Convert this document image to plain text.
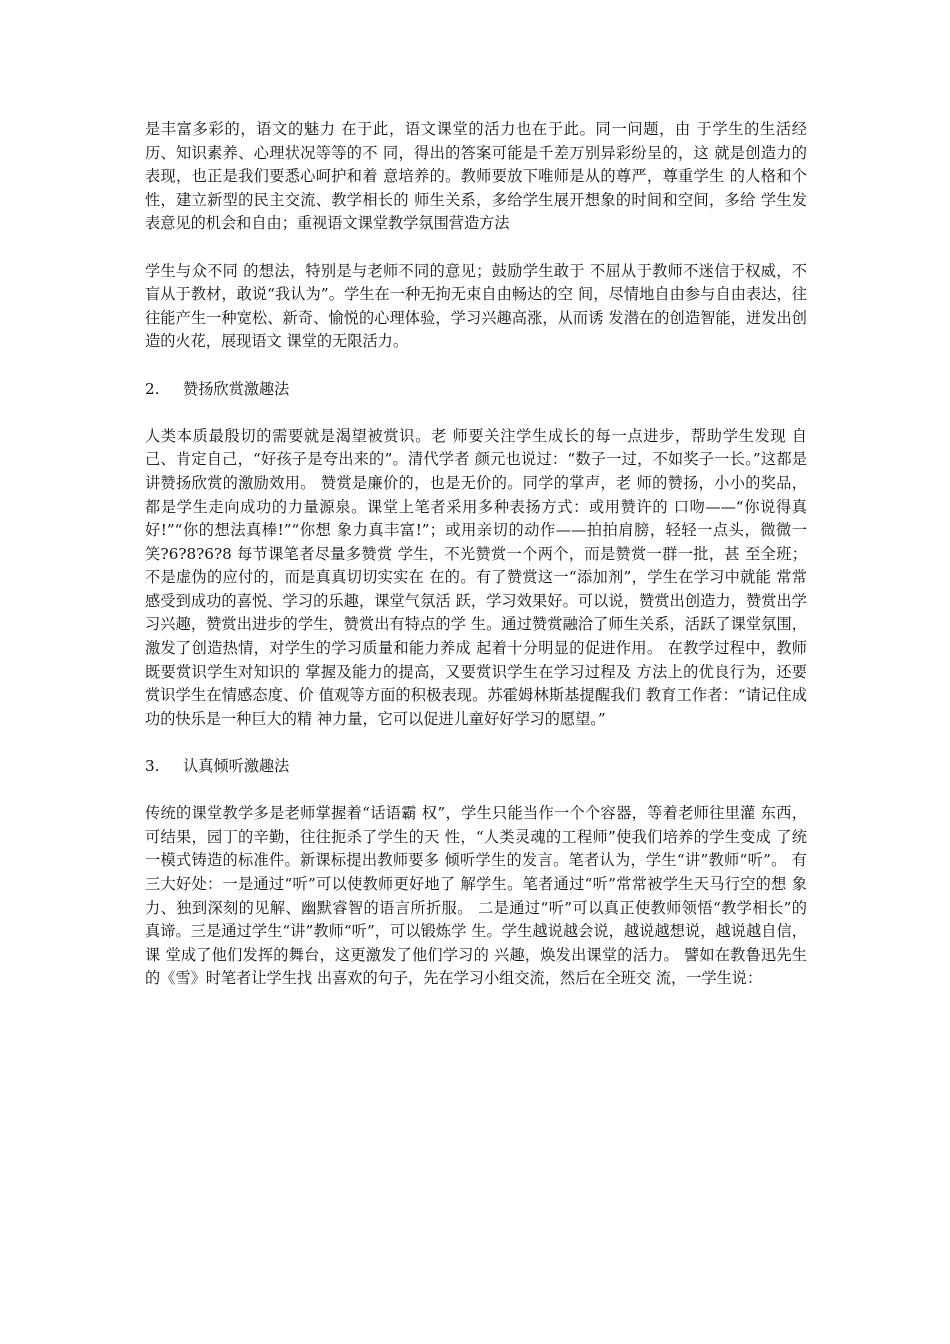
是丰富多彩的，语文的魅力 在于此，语文课堂的活力也在于此。同一问题，由 于学生的生活经历、知识素养、心理状况等等的不 同，得出的答案可能是千差万别异彩纷呈的，这 就是创造力的表现，也正是我们要悉心呵护和着 意培养的。教师要放下唯师是从的尊严，尊重学生 的人格和个性，建立新型的民主交流、教学相长的 师生关系，多给学生展开想象的时间和空间，多给 学生发表意见的机会和自由；重视语文课堂教学氛围营造方法

学生与众不同 的想法，特别是与老师不同的意见；鼓励学生敢于 不屈从于教师不迷信于权威，不盲从于教材，敢说“我认为”。学生在一种无拘无束自由畅达的空 间，尽情地自由参与自由表达，往往能产生一种宽松、新奇、愉悦的心理体验，学习兴趣高涨，从而诱 发潜在的创造智能，迸发出创造的火花，展现语文 课堂的无限活力。

2. 赞扬欣赏激趣法

人类本质最殷切的需要就是渴望被赏识。老 师要关注学生成长的每一点进步，帮助学生发现 自己、肯定自己，“好孩子是夸出来的”。清代学者 颜元也说过：“数子一过，不如奖子一长。”这都是 讲赞扬欣赏的激励效用。 赞赏是廉价的，也是无价的。同学的掌声，老 师的赞扬，小小的奖品，都是学生走向成功的力量源泉。课堂上笔者采用多种表扬方式：或用赞许的 口吻——“你说得真好!”“你的想法真棒!”“你想 象力真丰富!”；或用亲切的动作——拍拍肩膀，轻轻一点头，微微一笑?6?8?6?8 每节课笔者尽量多赞赏 学生，不光赞赏一个两个，而是赞赏一群一批，甚 至全班；不是虚伪的应付的，而是真真切切实实在 在的。有了赞赏这一“添加剂”，学生在学习中就能 常常感受到成功的喜悦、学习的乐趣，课堂气氛活 跃，学习效果好。可以说，赞赏出创造力，赞赏出学 习兴趣，赞赏出进步的学生，赞赏出有特点的学 生。通过赞赏融洽了师生关系，活跃了课堂氛围， 激发了创造热情，对学生的学习质量和能力养成 起着十分明显的促进作用。 在教学过程中，教师既要赏识学生对知识的 掌握及能力的提高，又要赏识学生在学习过程及 方法上的优良行为，还要赏识学生在情感态度、价 值观等方面的积极表现。苏霍姆林斯基提醒我们 教育工作者：“请记住成功的快乐是一种巨大的精 神力量，它可以促进儿童好好学习的愿望。”

3. 认真倾听激趣法

传统的课堂教学多是老师掌握着“话语霸 权”，学生只能当作一个个容器，等着老师往里灌 东西，可结果，园丁的辛勤，往往扼杀了学生的天 性，“人类灵魂的工程师”使我们培养的学生变成 了统一模式铸造的标准件。新课标提出教师要多 倾听学生的发言。笔者认为，学生“讲”教师“听”。 有三大好处：一是通过“听”可以使教师更好地了 解学生。笔者通过“听”常常被学生天马行空的想 象力、独到深刻的见解、幽默睿智的语言所折服。 二是通过“听”可以真正使教师领悟“教学相长”的 真谛。三是通过学生“讲”教师“听”，可以锻炼学 生。学生越说越会说，越说越想说，越说越自信，课 堂成了他们发挥的舞台，这更激发了他们学习的 兴趣，焕发出课堂的活力。 譬如在教鲁迅先生的《雪》时笔者让学生找 出喜欢的句子，先在学习小组交流，然后在全班交 流，一学生说：
